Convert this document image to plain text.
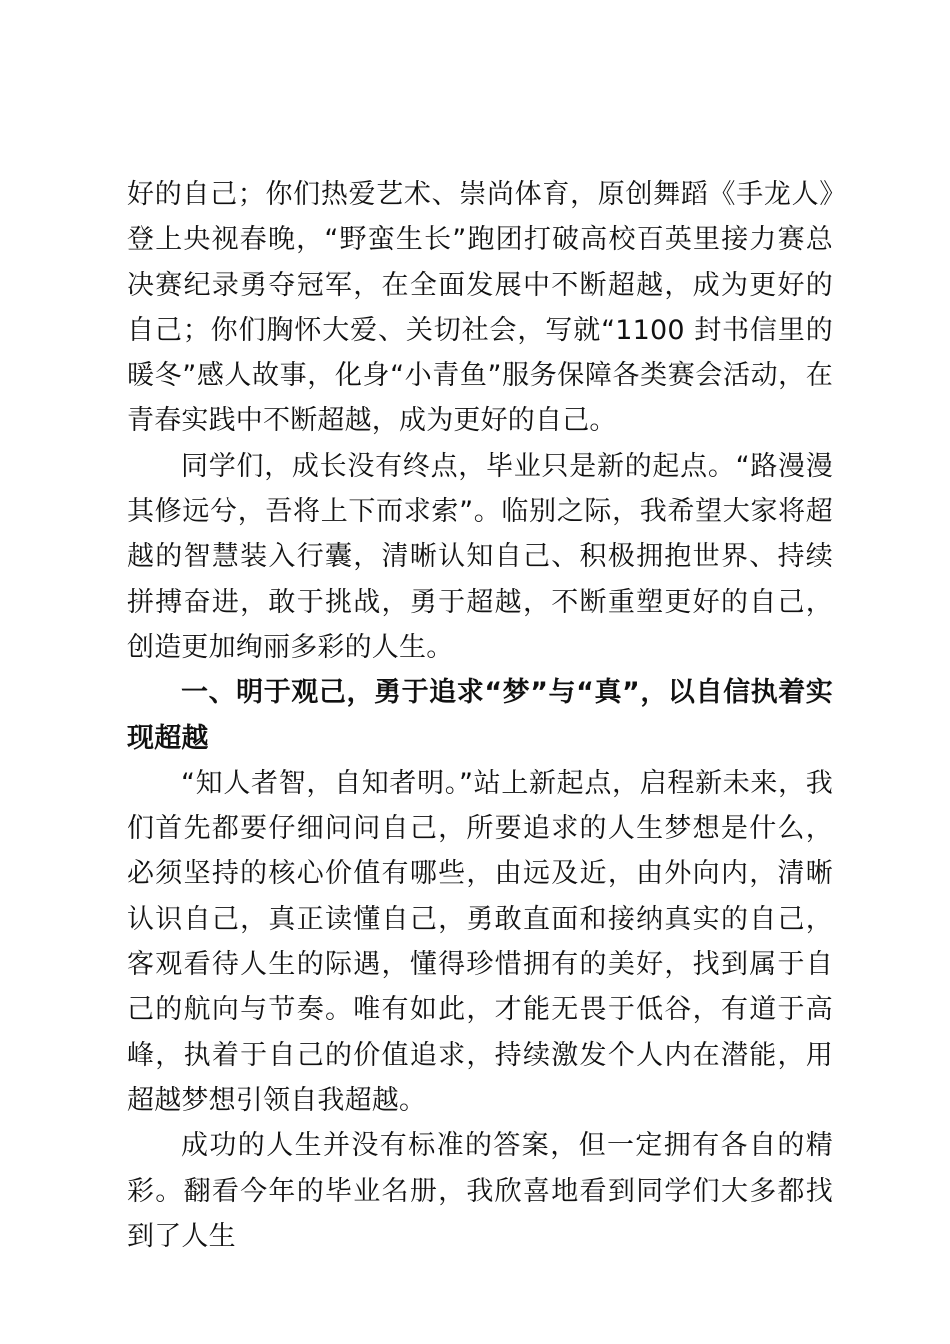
好的自己；你们热爱艺术、崇尚体育，原创舞蹈《手龙人》登上央视春晚，“野蛮生长”跑团打破高校百英里接力赛总决赛纪录勇夺冠军，在全面发展中不断超越，成为更好的自己；你们胸怀大爱、关切社会，写就“1100 封书信里的暖冬”感人故事，化身“小青鱼”服务保障各类赛会活动，在青春实践中不断超越，成为更好的自己。

同学们，成长没有终点，毕业只是新的起点。“路漫漫其修远兮，吾将上下而求索”。临别之际，我希望大家将超越的智慧装入行囊，清晰认知自己、积极拥抱世界、持续拼搏奋进，敢于挑战，勇于超越，不断重塑更好的自己，创造更加绚丽多彩的人生。

一、明于观己，勇于追求“梦”与“真”，以自信执着实现超越

“知人者智，自知者明。”站上新起点，启程新未来，我们首先都要仔细问问自己，所要追求的人生梦想是什么，必须坚持的核心价值有哪些，由远及近，由外向内，清晰认识自己，真正读懂自己，勇敢直面和接纳真实的自己，客观看待人生的际遇，懂得珍惜拥有的美好，找到属于自己的航向与节奏。唯有如此，才能无畏于低谷，有道于高峰，执着于自己的价值追求，持续激发个人内在潜能，用超越梦想引领自我超越。

成功的人生并没有标准的答案，但一定拥有各自的精彩。翻看今年的毕业名册，我欣喜地看到同学们大多都找到了人生
